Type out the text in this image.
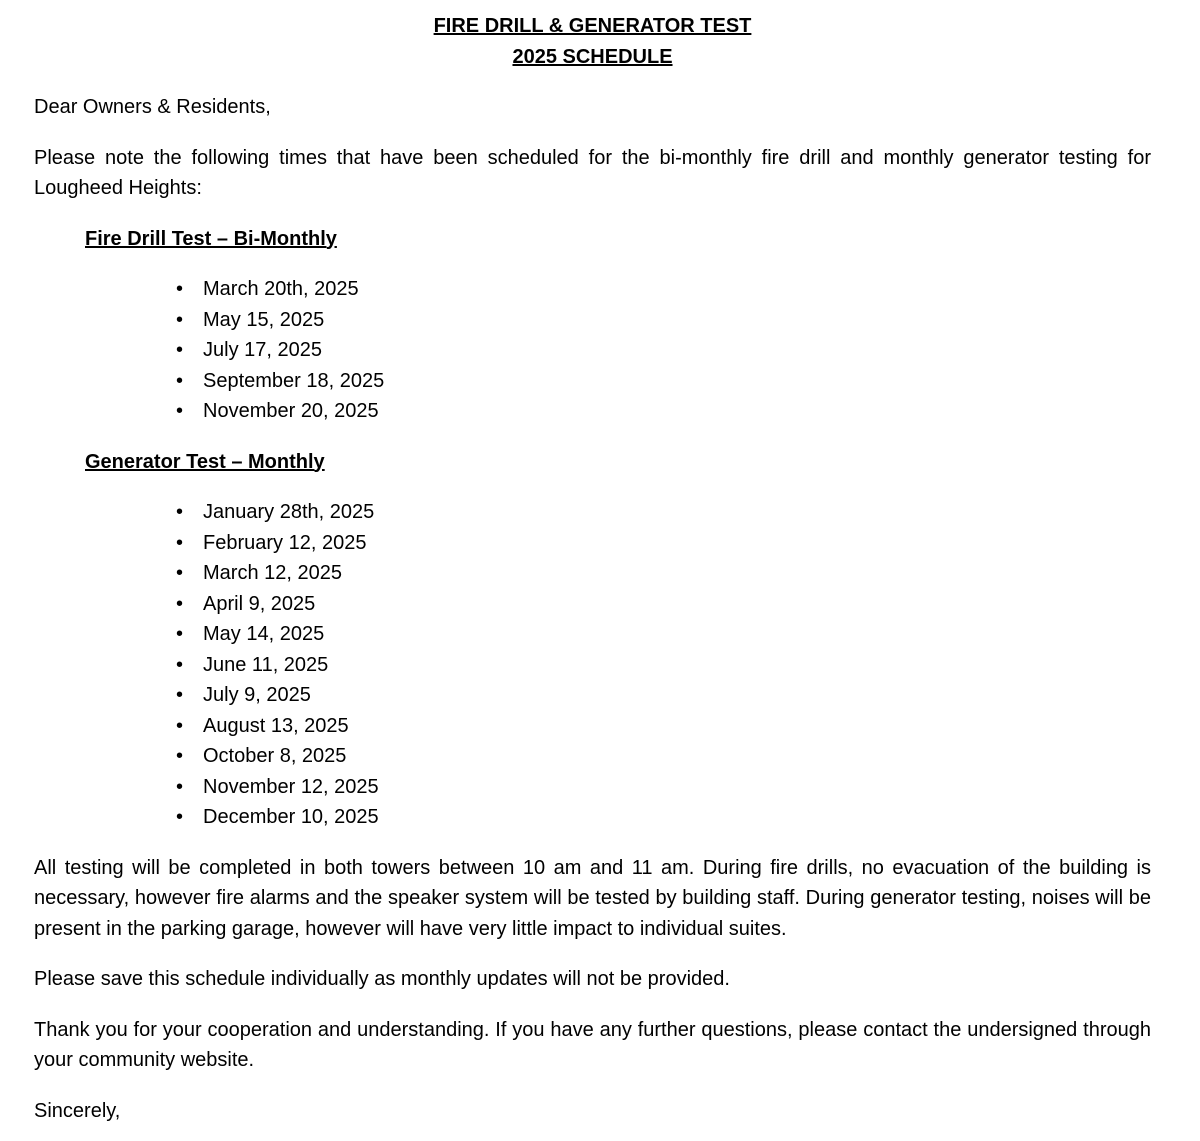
FIRE DRILL & GENERATOR TEST
2025 SCHEDULE

Dear Owners & Residents,

Please note the following times that have been scheduled for the bi-monthly fire drill and monthly generator testing for Lougheed Heights:

Fire Drill Test – Bi-Monthly

• March 20th, 2025
• May 15, 2025
• July 17, 2025
• September 18, 2025
• November 20, 2025

Generator Test – Monthly

• January 28th, 2025
• February 12, 2025
• March 12, 2025
• April 9, 2025
• May 14, 2025
• June 11, 2025
• July 9, 2025
• August 13, 2025
• October 8, 2025
• November 12, 2025
• December 10, 2025

All testing will be completed in both towers between 10 am and 11 am. During fire drills, no evacuation of the building is necessary, however fire alarms and the speaker system will be tested by building staff. During generator testing, noises will be present in the parking garage, however will have very little impact to individual suites.

Please save this schedule individually as monthly updates will not be provided.

Thank you for your cooperation and understanding. If you have any further questions, please contact the undersigned through your community website.

Sincerely,
